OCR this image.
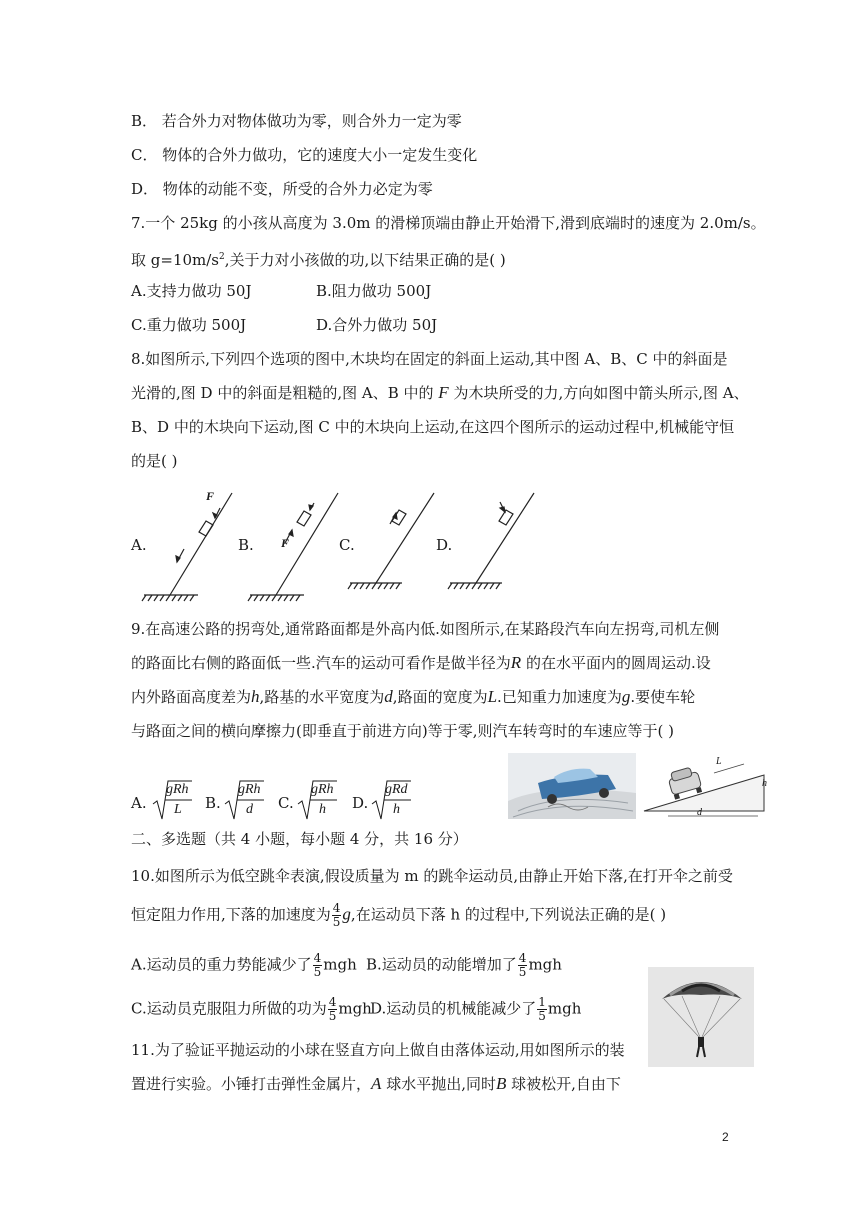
B． 若合外力对物体做功为零，则合外力一定为零
C． 物体的合外力做功，它的速度大小一定发生变化
D． 物体的动能不变，所受的合外力必定为零
7.一个 25kg 的小孩从高度为 3.0m 的滑梯顶端由静止开始滑下,滑到底端时的速度为 2.0m/s。
取 $g=10m/s^2$,关于力对小孩做的功,以下结果正确的是( )
A.支持力做功 50J	B.阻力做功 500J
C.重力做功 500J	D.合外力做功 50J
8.如图所示,下列四个选项的图中,木块均在固定的斜面上运动,其中图 A、B、C 中的斜面是
光滑的,图 D 中的斜面是粗糙的,图 A、B 中的 F 为木块所受的力,方向如图中箭头所示,图 A、
B、D 中的木块向下运动,图 C 中的木块向上运动,在这四个图所示的运动过程中,机械能守恒
的是( )
A.	B.	C.	D.
F
F
9.在高速公路的拐弯处,通常路面都是外高内低.如图所示,在某路段汽车向左拐弯,司机左侧
的路面比右侧的路面低一些.汽车的运动可看作是做半径为R 的在水平面内的圆周运动.设
内外路面高度差为h,路基的水平宽度为d,路面的宽度为L.已知重力加速度为g.要使车轮
与路面之间的横向摩擦力(即垂直于前进方向)等于零,则汽车转弯时的车速应等于( )
A.	B.	C.	D.
gRh
L
gRh
d
gRh
h
gRd
h
L
h
d
二、多选题（共 4 小题，每小题 4 分，共 16 分）
10.如图所示为低空跳伞表演,假设质量为 m 的跳伞运动员,由静止开始下落,在打开伞之前受
恒定阻力作用,下落的加速度为 $\frac{4}{5} g$,在运动员下落 h 的过程中,下列说法正确的是( )
A.运动员的重力势能减少了 $\frac{4}{5}$ mgh B.运动员的动能增加了 $\frac{4}{5}$ mgh
C.运动员克服阻力所做的功为 $\frac{4}{5}$ mgh
D.运动员的机械能减少了 $\frac{1}{5}$ mgh
11.为了验证平抛运动的小球在竖直方向上做自由落体运动,用如图所示的装
置进行实验。小锤打击弹性金属片，A 球水平抛出,同时B 球被松开,自由下
2
